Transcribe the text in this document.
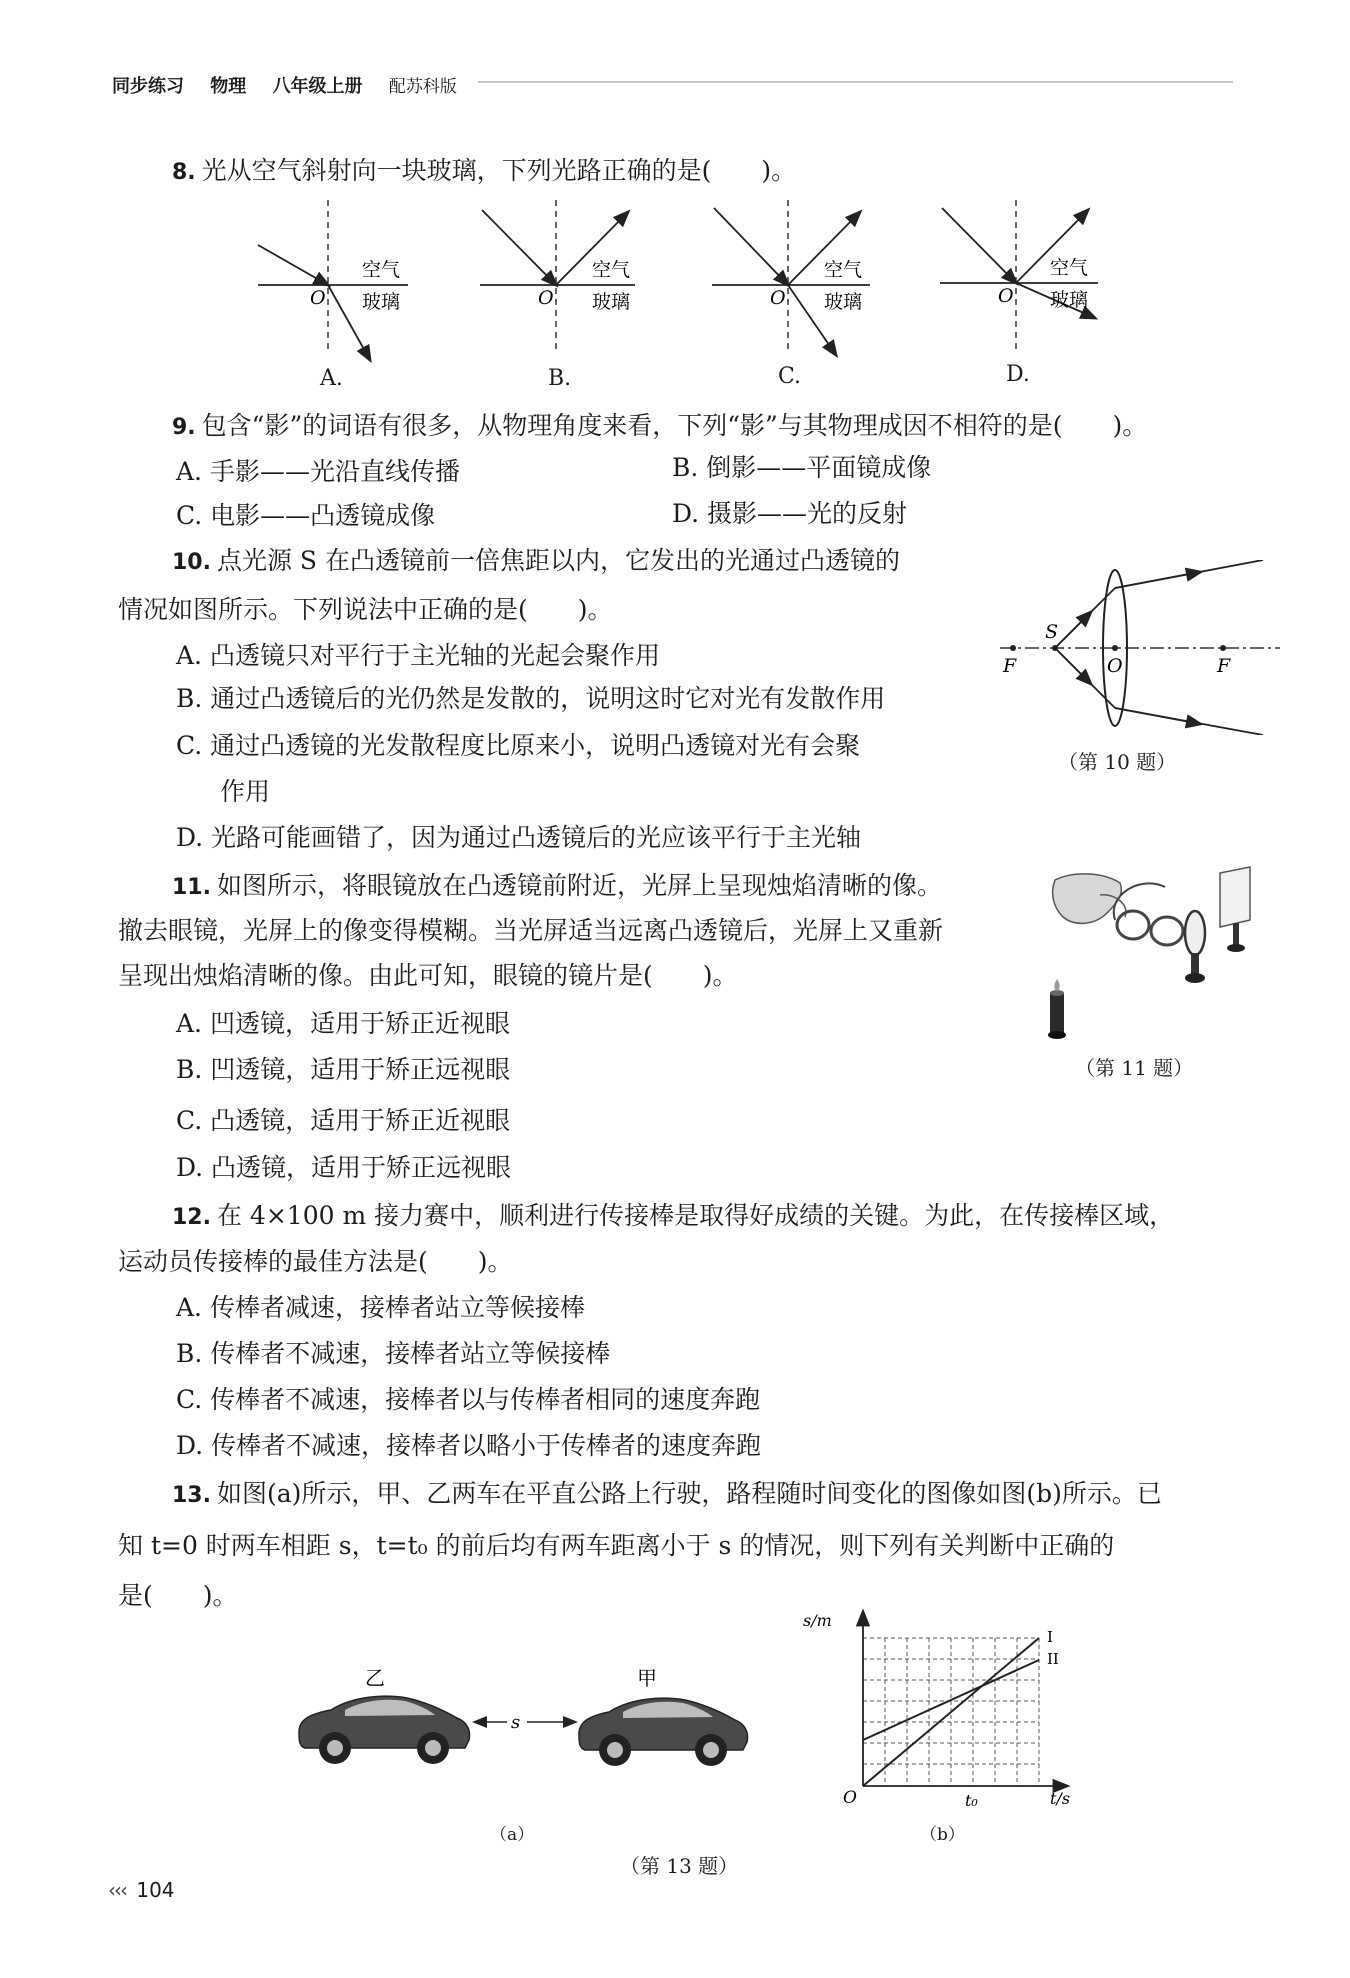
同步练习 物理 八年级上册 配苏科版
8. 光从空气斜射向一块玻璃，下列光路正确的是(　　)。
O
空气
玻璃	O
空气
玻璃	O
空气
玻璃	O
空气
玻璃
A.	B.	C.	D.
9. 包含“影”的词语有很多，从物理角度来看，下列“影”与其物理成因不相符的是(　　)。
A. 手影——光沿直线传播	B. 倒影——平面镜成像
C. 电影——凸透镜成像	D. 摄影——光的反射
10. 点光源 S 在凸透镜前一倍焦距以内，它发出的光通过凸透镜的
情况如图所示。下列说法中正确的是(　　)。
A. 凸透镜只对平行于主光轴的光起会聚作用
B. 通过凸透镜后的光仍然是发散的，说明这时它对光有发散作用
C. 通过凸透镜的光发散程度比原来小，说明凸透镜对光有会聚
作用
D. 光路可能画错了，因为通过凸透镜后的光应该平行于主光轴
F
S
O	F
（第 10 题）
11. 如图所示，将眼镜放在凸透镜前附近，光屏上呈现烛焰清晰的像。
撤去眼镜，光屏上的像变得模糊。当光屏适当远离凸透镜后，光屏上又重新
呈现出烛焰清晰的像。由此可知，眼镜的镜片是(　　)。
A. 凹透镜，适用于矫正近视眼
B. 凹透镜，适用于矫正远视眼
C. 凸透镜，适用于矫正近视眼
D. 凸透镜，适用于矫正远视眼
（第 11 题）
12. 在 4×100 m 接力赛中，顺利进行传接棒是取得好成绩的关键。为此，在传接棒区域，
运动员传接棒的最佳方法是(　　)。
A. 传棒者减速，接棒者站立等候接棒
B. 传棒者不减速，接棒者站立等候接棒
C. 传棒者不减速，接棒者以与传棒者相同的速度奔跑
D. 传棒者不减速，接棒者以略小于传棒者的速度奔跑
13. 如图(a)所示，甲、乙两车在平直公路上行驶，路程随时间变化的图像如图(b)所示。已
知 t=0 时两车相距 s，t=t₀ 的前后均有两车距离小于 s 的情况，则下列有关判断中正确的
是(　　)。
s
乙	甲
（a）
s/m
t/s
O	t₀
I
II
（b）
（第 13 题）
‹‹‹ 104
